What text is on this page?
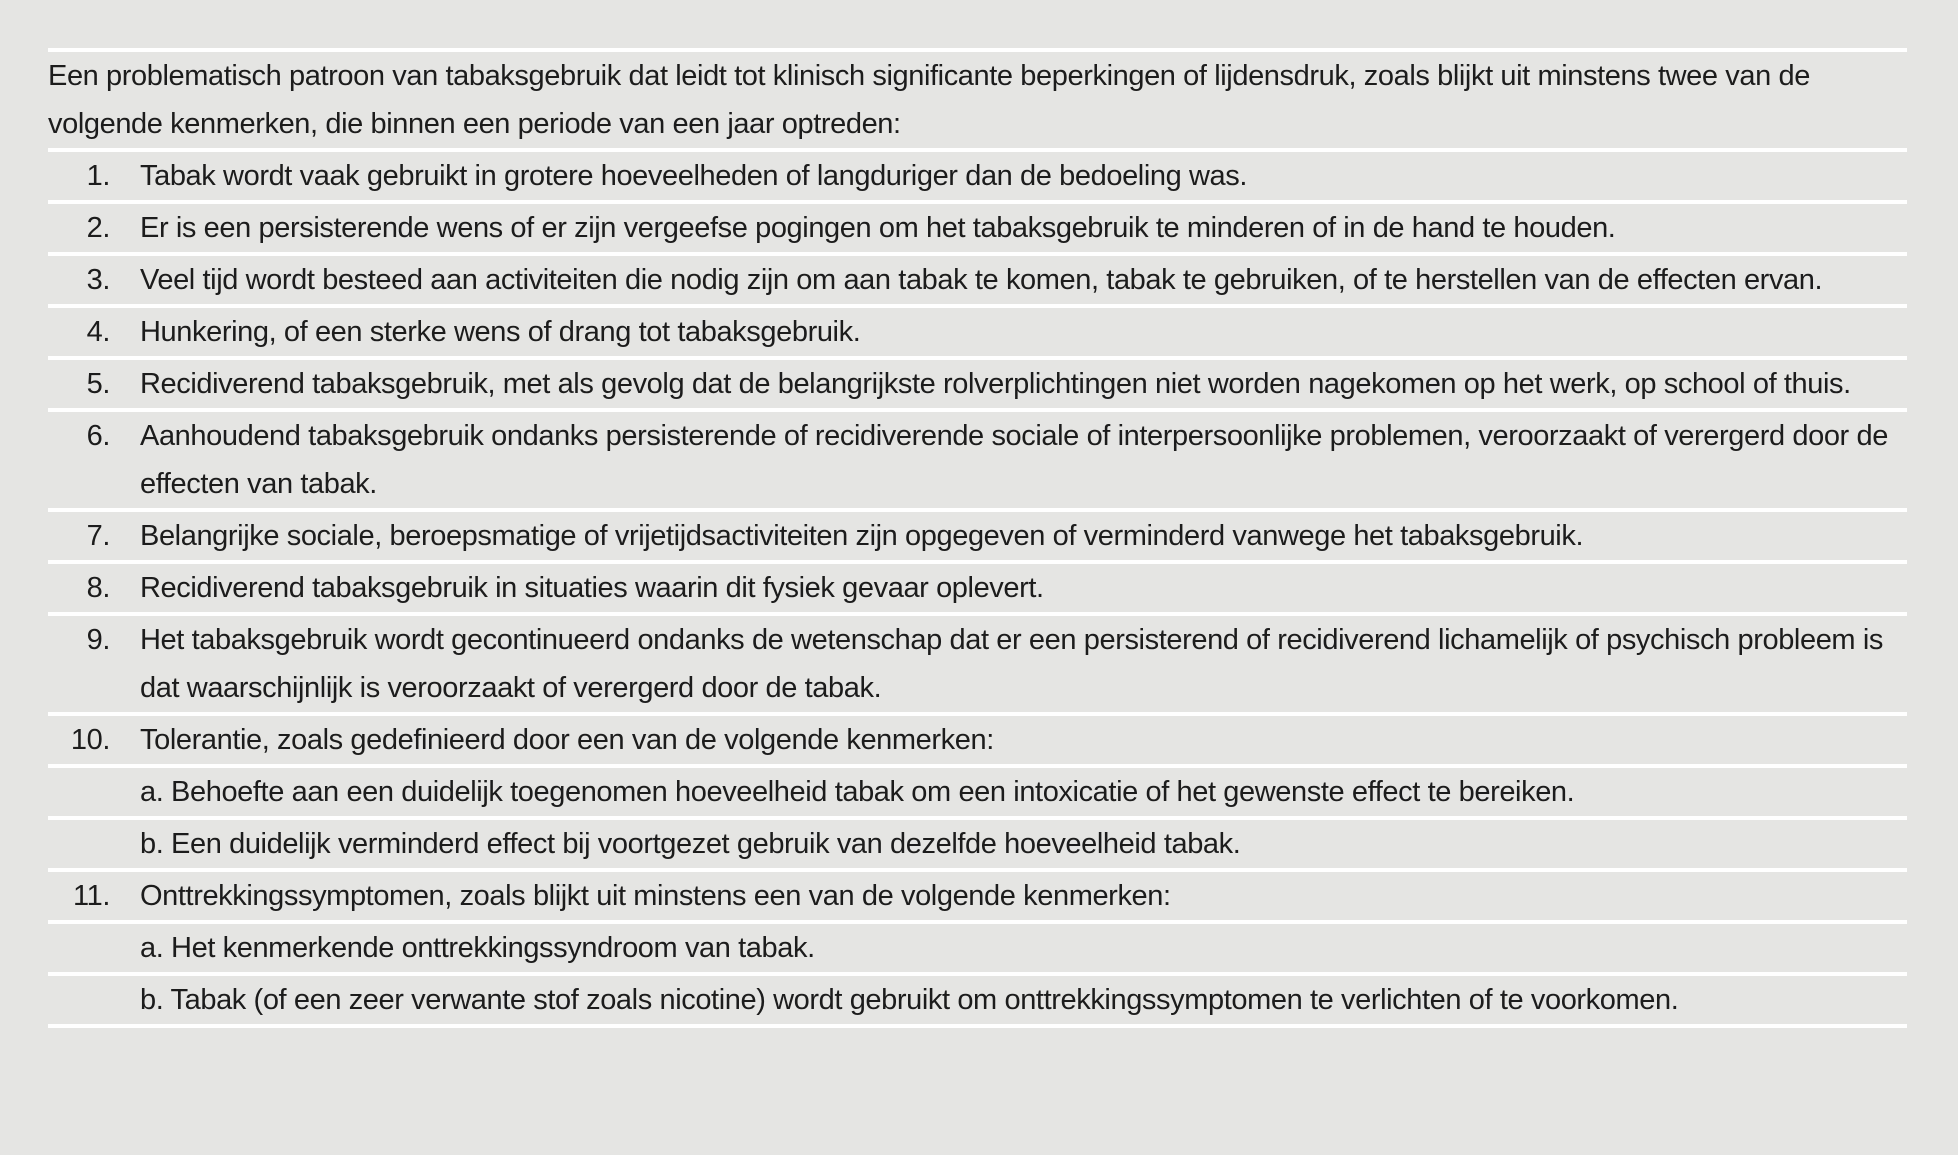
Een problematisch patroon van tabaksgebruik dat leidt tot klinisch significante beperkingen of lijdensdruk, zoals blijkt uit minstens twee van de volgende kenmerken, die binnen een periode van een jaar optreden:
1. Tabak wordt vaak gebruikt in grotere hoeveelheden of langduriger dan de bedoeling was.
2. Er is een persisterende wens of er zijn vergeefse pogingen om het tabaksgebruik te minderen of in de hand te houden.
3. Veel tijd wordt besteed aan activiteiten die nodig zijn om aan tabak te komen, tabak te gebruiken, of te herstellen van de effecten ervan.
4. Hunkering, of een sterke wens of drang tot tabaksgebruik.
5. Recidiverend tabaksgebruik, met als gevolg dat de belangrijkste rolverplichtingen niet worden nagekomen op het werk, op school of thuis.
6. Aanhoudend tabaksgebruik ondanks persisterende of recidiverende sociale of interpersoonlijke problemen, veroorzaakt of verergerd door de effecten van tabak.
7. Belangrijke sociale, beroepsmatige of vrijetijdsactiviteiten zijn opgegeven of verminderd vanwege het tabaksgebruik.
8. Recidiverend tabaksgebruik in situaties waarin dit fysiek gevaar oplevert.
9. Het tabaksgebruik wordt gecontinueerd ondanks de wetenschap dat er een persisterend of recidiverend lichamelijk of psychisch probleem is dat waarschijnlijk is veroorzaakt of verergerd door de tabak.
10. Tolerantie, zoals gedefinieerd door een van de volgende kenmerken:
a. Behoefte aan een duidelijk toegenomen hoeveelheid tabak om een intoxicatie of het gewenste effect te bereiken.
b. Een duidelijk verminderd effect bij voortgezet gebruik van dezelfde hoeveelheid tabak.
11. Onttrekkingssymptomen, zoals blijkt uit minstens een van de volgende kenmerken:
a. Het kenmerkende onttrekkingssyndroom van tabak.
b. Tabak (of een zeer verwante stof zoals nicotine) wordt gebruikt om onttrekkingssymptomen te verlichten of te voorkomen.
